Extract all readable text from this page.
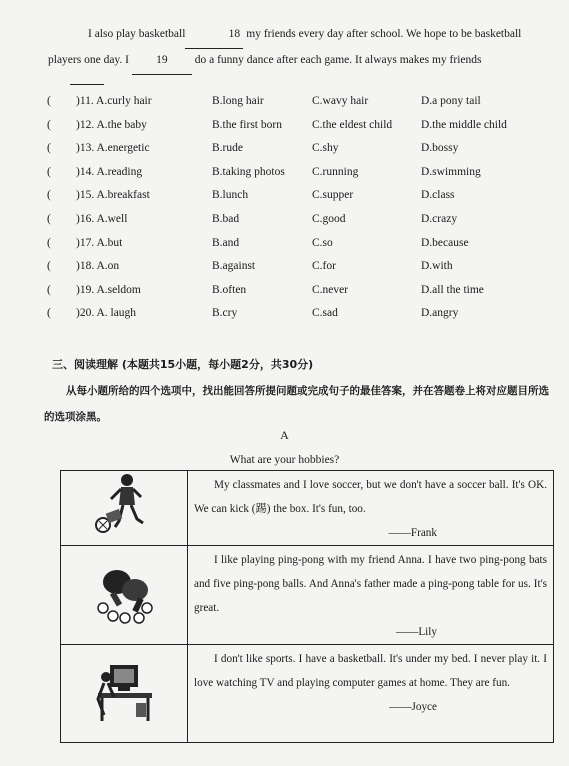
I also play basketball	18 my friends every day after school. We hope to be basketball
players one day. I 19 do a funny dance after each game. It always makes my friends
( )11. A.curly hair	B.long hair	C.wavy hair	D.a pony tail
( )12. A.the baby	B.the first born	C.the eldest child	D.the middle child
( )13. A.energetic	B.rude	C.shy	D.bossy
( )14. A.reading	B.taking photos C.running	D.swimming
( )15. A.breakfast	B.lunch	C.supper	D.class
( )16. A.well	B.bad	C.good	D.crazy
( )17. A.but	B.and	C.so	D.because
( )18. A.on	B.against	C.for	D.with
( )19. A.seldom	B.often	C.never	D.all the time
( )20. A. laugh	B.cry	C.sad	D.angry
三、阅读理解 (本题共15小题，每小题2分，共30分)
从每小题所给的四个选项中，找出能回答所提问题或完成句子的最佳答案，并在答题卷上将对应题目所选的选项涂黑。
A
What are your hobbies?

My classmates and I love soccer, but we don't have a soccer ball. It's OK. We can kick (踢) the box. It's fun, too.
——Frank

I like playing ping-pong with my friend Anna. I have two ping-pong bats and five ping-pong balls. And Anna's father made a ping-pong table for us. It's great.
——Lily

I don't like sports. I have a basketball. It's under my bed. I never play it. I love watching TV and playing computer games at home. They are fun.
——Joyce
